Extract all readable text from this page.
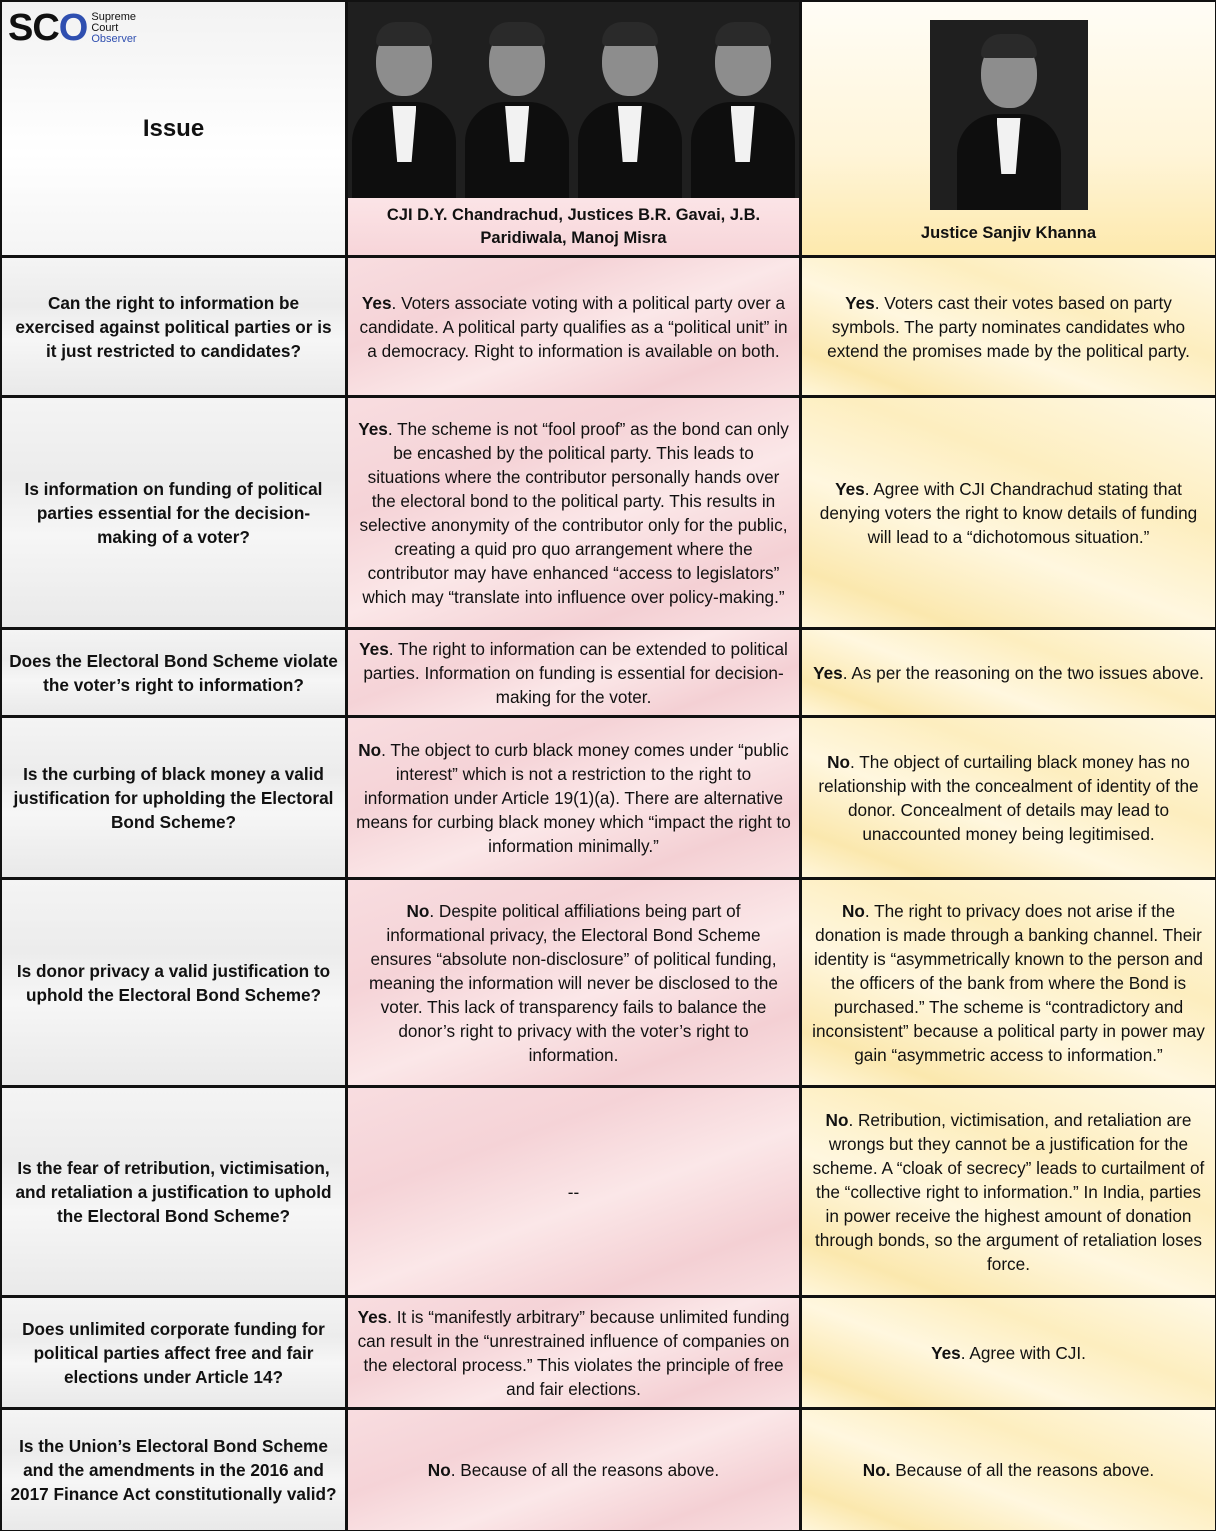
SCO Supreme
Court
Observer
Issue
CJI D.Y. Chandrachud, Justices B.R. Gavai, J.B. Paridiwala, Manoj Misra	Justice Sanjiv Khanna
Can the right to information be exercised against political parties or is it just restricted to candidates?
Yes. Voters associate voting with a political party over a candidate. A political party qualifies as a “political unit” in a democracy. Right to information is available on both.
Yes. Voters cast their votes based on party symbols. The party nominates candidates who extend the promises made by the political party.
Is information on funding of political parties essential for the decision-making of a voter?
Yes. The scheme is not “fool proof” as the bond can only be encashed by the political party. This leads to situations where the contributor personally hands over the electoral bond to the political party. This results in selective anonymity of the contributor only for the public, creating a quid pro quo arrangement where the contributor may have enhanced “access to legislators” which may “translate into influence over policy-making.”
Yes. Agree with CJI Chandrachud stating that denying voters the right to know details of funding will lead to a “dichotomous situation.”
Does the Electoral Bond Scheme violate the voter’s right to information?
Yes. The right to information can be extended to political parties. Information on funding is essential for decision-making for the voter.
Yes. As per the reasoning on the two issues above.
Is the curbing of black money a valid justification for upholding the Electoral Bond Scheme?
No. The object to curb black money comes under “public interest” which is not a restriction to the right to information under Article 19(1)(a). There are alternative means for curbing black money which “impact the right to information minimally.”
No. The object of curtailing black money has no relationship with the concealment of identity of the donor. Concealment of details may lead to unaccounted money being legitimised.
Is donor privacy a valid justification to uphold the Electoral Bond Scheme?
No. Despite political affiliations being part of informational privacy, the Electoral Bond Scheme ensures “absolute non-disclosure” of political funding, meaning the information will never be disclosed to the voter. This lack of transparency fails to balance the donor’s right to privacy with the voter’s right to information.
No. The right to privacy does not arise if the donation is made through a banking channel. Their identity is “asymmetrically known to the person and the officers of the bank from where the Bond is purchased.” The scheme is “contradictory and inconsistent” because a political party in power may gain “asymmetric access to information.”
Is the fear of retribution, victimisation, and retaliation a justification to uphold the Electoral Bond Scheme?
--
No. Retribution, victimisation, and retaliation are wrongs but they cannot be a justification for the scheme. A “cloak of secrecy” leads to curtailment of the “collective right to information.” In India, parties in power receive the highest amount of donation through bonds, so the argument of retaliation loses force.
Does unlimited corporate funding for political parties affect free and fair elections under Article 14?
Yes. It is “manifestly arbitrary” because unlimited funding can result in the “unrestrained influence of companies on the electoral process.” This violates the principle of free and fair elections.
Yes. Agree with CJI.
Is the Union’s Electoral Bond Scheme and the amendments in the 2016 and 2017 Finance Act constitutionally valid?
No. Because of all the reasons above.	No. Because of all the reasons above.
